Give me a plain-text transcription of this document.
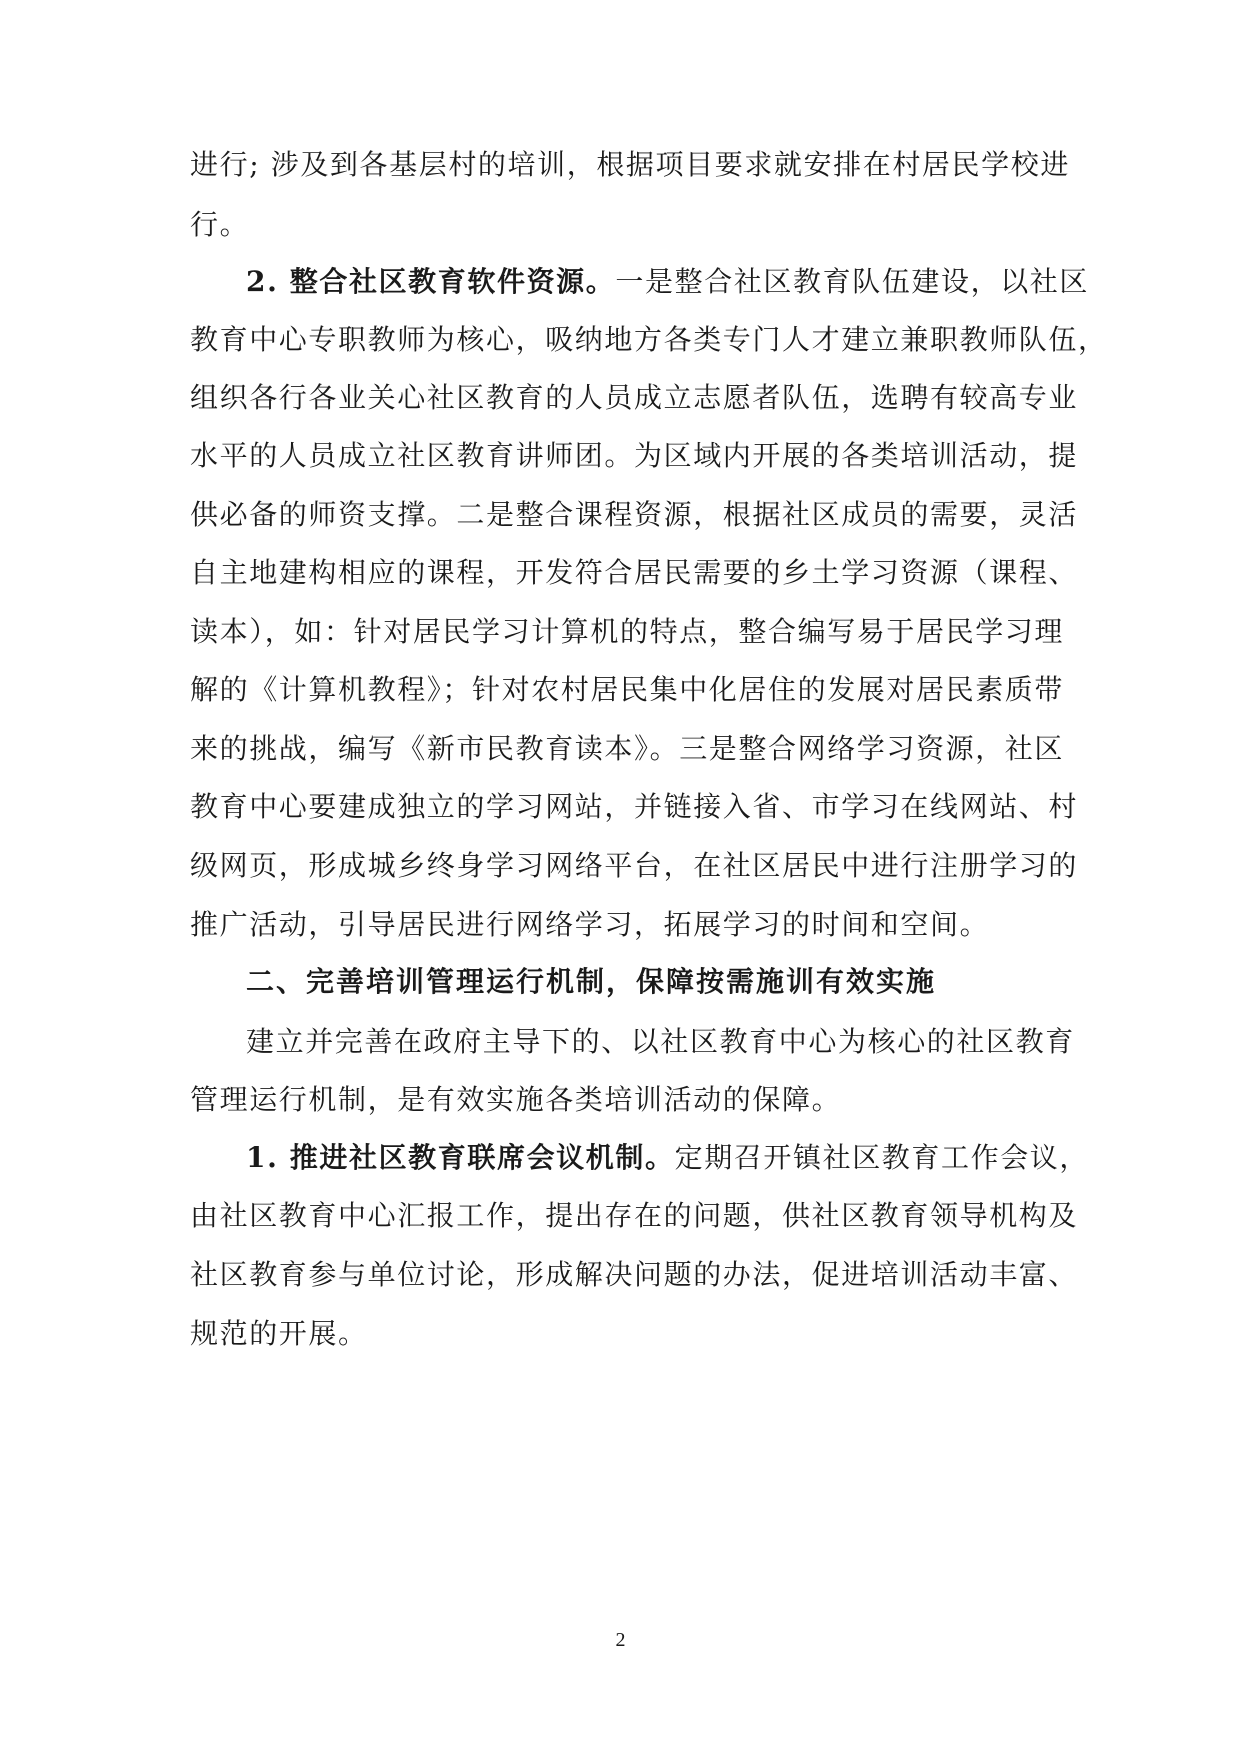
进行; 涉及到各基层村的培训，根据项目要求就安排在村居民学校进
行。
2. 整合社区教育软件资源。一是整合社区教育队伍建设，以社区
教育中心专职教师为核心，吸纳地方各类专门人才建立兼职教师队伍，
组织各行各业关心社区教育的人员成立志愿者队伍，选聘有较高专业
水平的人员成立社区教育讲师团。为区域内开展的各类培训活动，提
供必备的师资支撑。二是整合课程资源，根据社区成员的需要，灵活
自主地建构相应的课程，开发符合居民需要的乡土学习资源（课程、
读本），如：针对居民学习计算机的特点，整合编写易于居民学习理
解的《计算机教程》；针对农村居民集中化居住的发展对居民素质带
来的挑战，编写《新市民教育读本》。三是整合网络学习资源，社区
教育中心要建成独立的学习网站，并链接入省、市学习在线网站、村
级网页，形成城乡终身学习网络平台，在社区居民中进行注册学习的
推广活动，引导居民进行网络学习，拓展学习的时间和空间。
二、完善培训管理运行机制，保障按需施训有效实施
建立并完善在政府主导下的、以社区教育中心为核心的社区教育
管理运行机制，是有效实施各类培训活动的保障。
1. 推进社区教育联席会议机制。定期召开镇社区教育工作会议，
由社区教育中心汇报工作，提出存在的问题，供社区教育领导机构及
社区教育参与单位讨论，形成解决问题的办法，促进培训活动丰富、
规范的开展。
2
